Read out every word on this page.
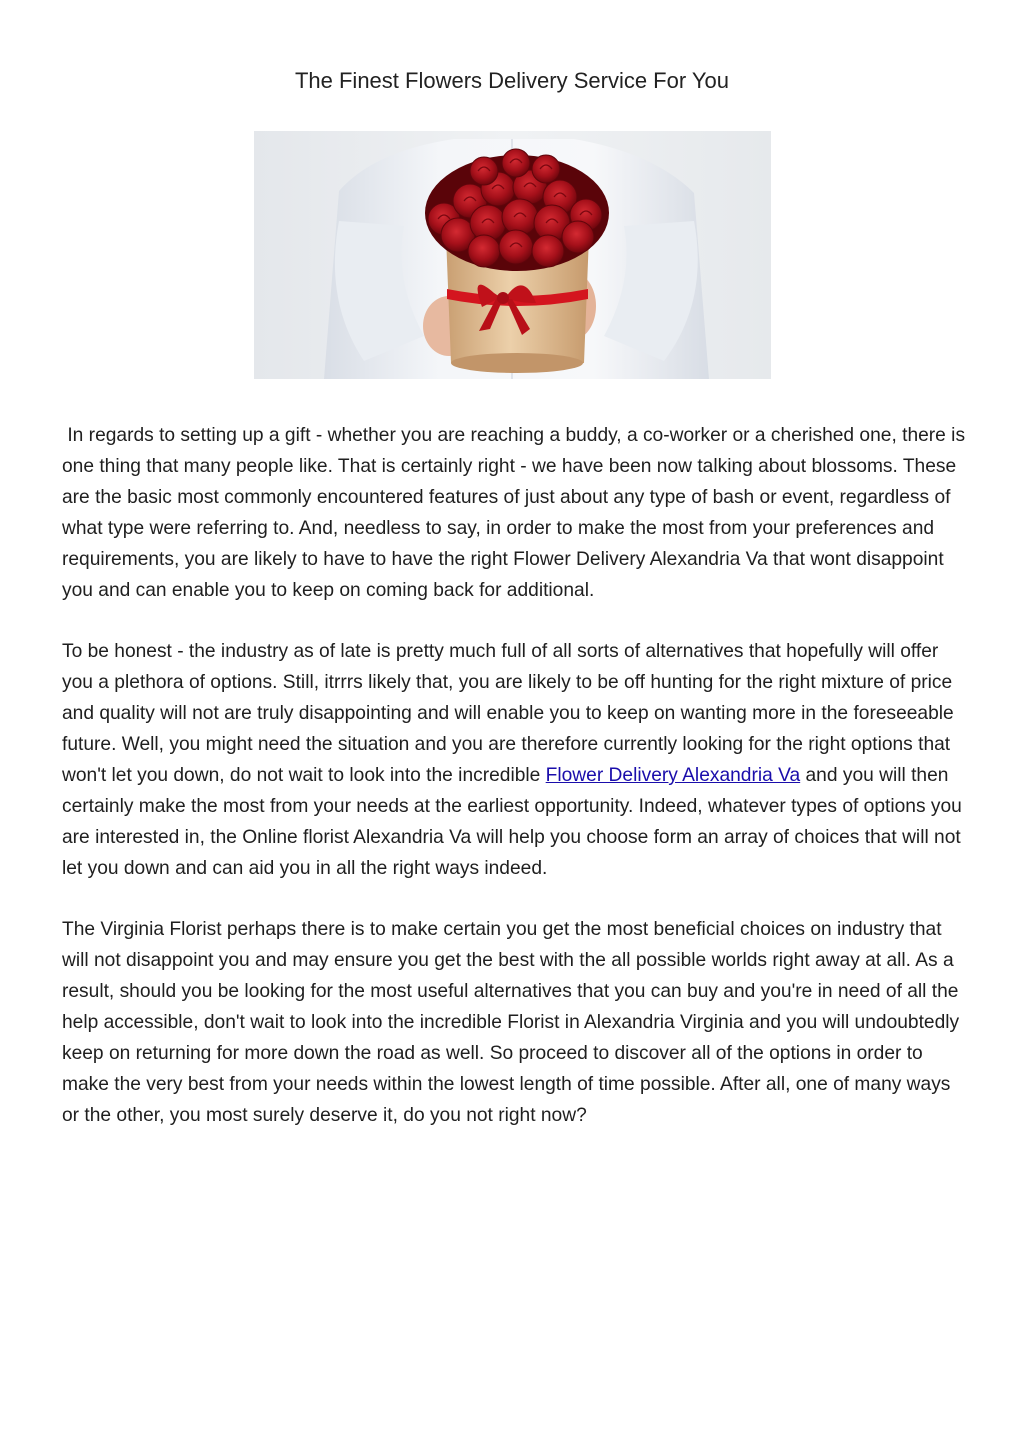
The Finest Flowers Delivery Service For You

In regards to setting up a gift - whether you are reaching a buddy, a co-worker or a cherished one, there is one thing that many people like. That is certainly right - we have been now talking about blossoms. These are the basic most commonly encountered features of just about any type of bash or event, regardless of what type were referring to. And, needless to say, in order to make the most from your preferences and requirements, you are likely to have to have the right Flower Delivery Alexandria Va that wont disappoint you and can enable you to keep on coming back for additional.

To be honest - the industry as of late is pretty much full of all sorts of alternatives that hopefully will offer you a plethora of options. Still, itrrrs likely that, you are likely to be off hunting for the right mixture of price and quality will not are truly disappointing and will enable you to keep on wanting more in the foreseeable future. Well, you might need the situation and you are therefore currently looking for the right options that won't let you down, do not wait to look into the incredible Flower Delivery Alexandria Va and you will then certainly make the most from your needs at the earliest opportunity. Indeed, whatever types of options you are interested in, the Online florist Alexandria Va will help you choose form an array of choices that will not let you down and can aid you in all the right ways indeed.

The Virginia Florist perhaps there is to make certain you get the most beneficial choices on industry that will not disappoint you and may ensure you get the best with the all possible worlds right away at all. As a result, should you be looking for the most useful alternatives that you can buy and you're in need of all the help accessible, don't wait to look into the incredible Florist in Alexandria Virginia and you will undoubtedly keep on returning for more down the road as well. So proceed to discover all of the options in order to make the very best from your needs within the lowest length of time possible. After all, one of many ways or the other, you most surely deserve it, do you not right now?
